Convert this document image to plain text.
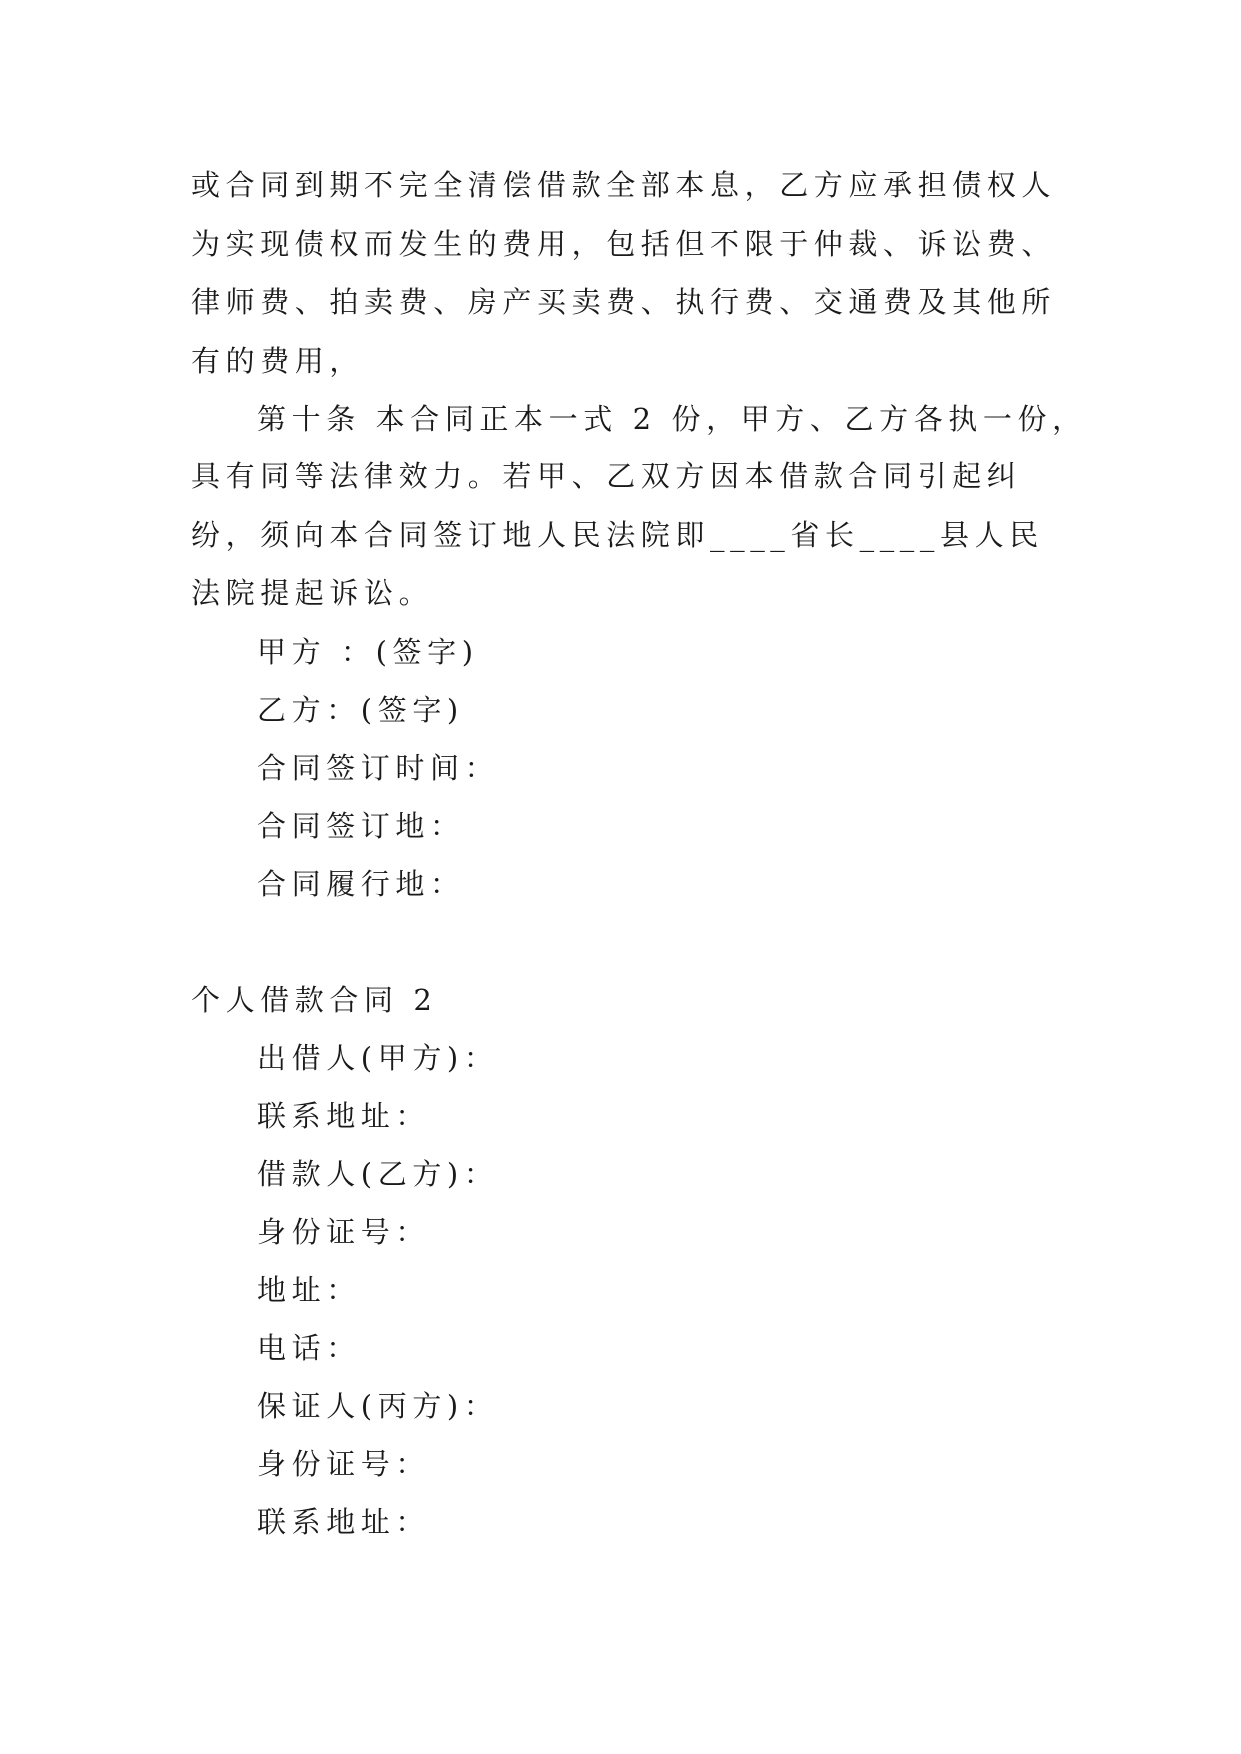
或合同到期不完全清偿借款全部本息，乙方应承担债权人为实现债权而发生的费用，包括但不限于仲裁、诉讼费、律师费、拍卖费、房产买卖费、执行费、交通费及其他所有的费用，

第十条 本合同正本一式 2 份，甲方、乙方各执一份，

具有同等法律效力。若甲、乙双方因本借款合同引起纠纷，须向本合同签订地人民法院即____省长____县人民法院提起诉讼。

甲方 ：(签字)

乙方：(签字)

合同签订时间：

合同签订地：

合同履行地：

个人借款合同 2

出借人(甲方)：

联系地址：

借款人(乙方)：

身份证号：

地址：

电话：

保证人(丙方)：

身份证号：

联系地址：
